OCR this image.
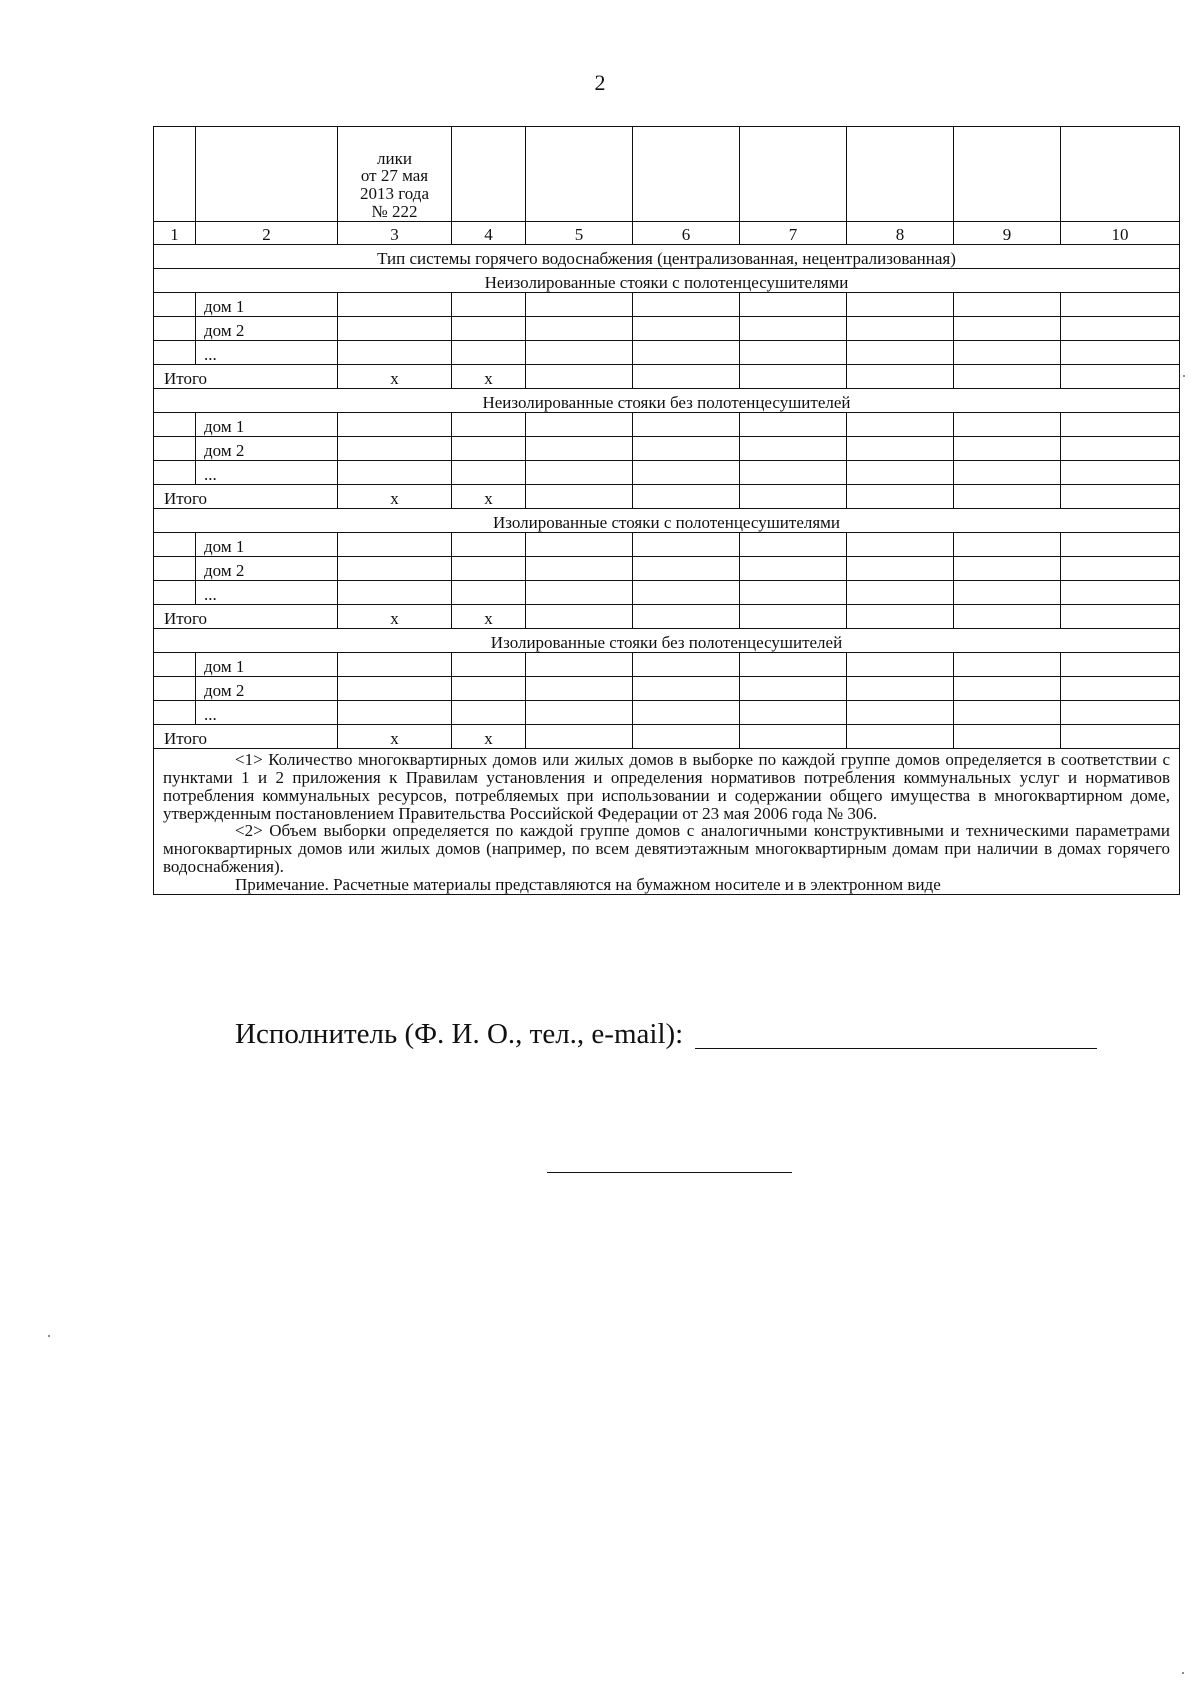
2

		лики
от 27 мая
2013 года
№ 222							

1	2	3	4	5	6	7	8	9	10
Тип системы горячего водоснабжения (централизованная, нецентрализованная)									
Неизолированные стояки с полотенцесушителями									
	дом 1								
	дом 2								
	...								
Итого		x	x						
Неизолированные стояки без полотенцесушителей									
	дом 1								
	дом 2								
	...								
Итого		x	x						
Изолированные стояки с полотенцесушителями									
	дом 1								
	дом 2								
	...								
Итого		x	x						
Изолированные стояки без полотенцесушителей									
	дом 1								
	дом 2								
	...								
Итого		x	x						

<1> Количество многоквартирных домов или жилых домов в выборке по каждой группе домов определяется в соответствии с пунктами 1 и 2 приложения к Правилам установления и определения нормативов потребления коммунальных услуг и нормативов потребления коммунальных ресурсов, потребляемых при использовании и содержании общего имущества в многоквартирном доме, утвержденным постановлением Правительства Российской Федерации от 23 мая 2006 года № 306.

<2> Объем выборки определяется по каждой группе домов с аналогичными конструктивными и техническими параметрами многоквартирных домов или жилых домов (например, по всем девятиэтажным многоквартирным домам при наличии в домах горячего водоснабжения).

Примечание. Расчетные материалы представляются на бумажном носителе и в электронном виде									

Исполнитель (Ф. И. О., тел., e-mail):
